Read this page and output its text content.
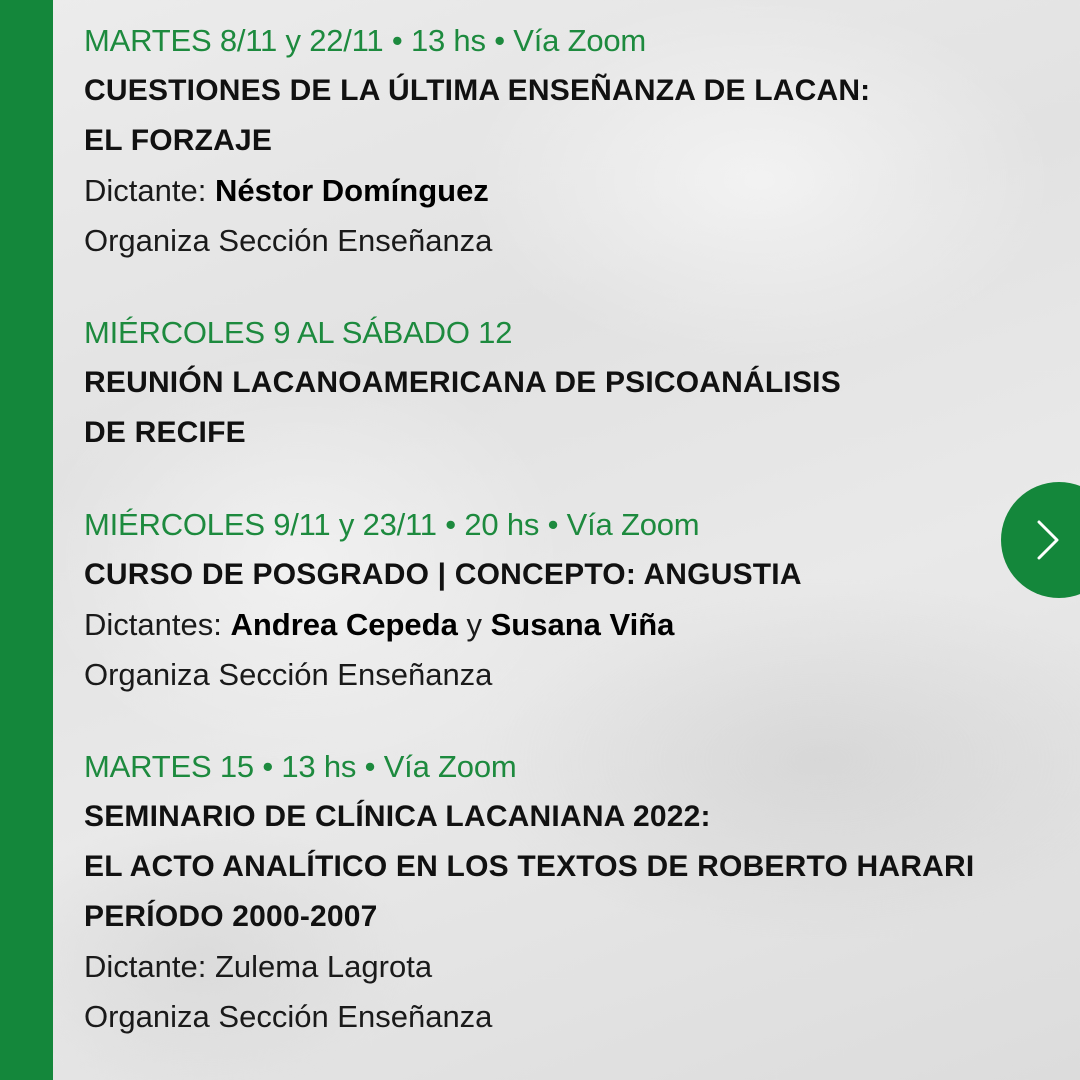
MARTES 8/11 y 22/11 • 13 hs • Vía Zoom
CUESTIONES DE LA ÚLTIMA ENSEÑANZA DE LACAN:
EL FORZAJE
Dictante: Néstor Domínguez
Organiza Sección Enseñanza
MIÉRCOLES 9 AL SÁBADO 12
REUNIÓN LACANOAMERICANA DE PSICOANÁLISIS
DE RECIFE
MIÉRCOLES 9/11 y 23/11 • 20 hs • Vía Zoom
CURSO DE POSGRADO | CONCEPTO: ANGUSTIA
Dictantes: Andrea Cepeda y Susana Viña
Organiza Sección Enseñanza
MARTES 15 • 13 hs • Vía Zoom
SEMINARIO DE CLÍNICA LACANIANA 2022:
EL ACTO ANALÍTICO EN LOS TEXTOS DE ROBERTO HARARI
PERÍODO 2000-2007
Dictante: Zulema Lagrota
Organiza Sección Enseñanza
